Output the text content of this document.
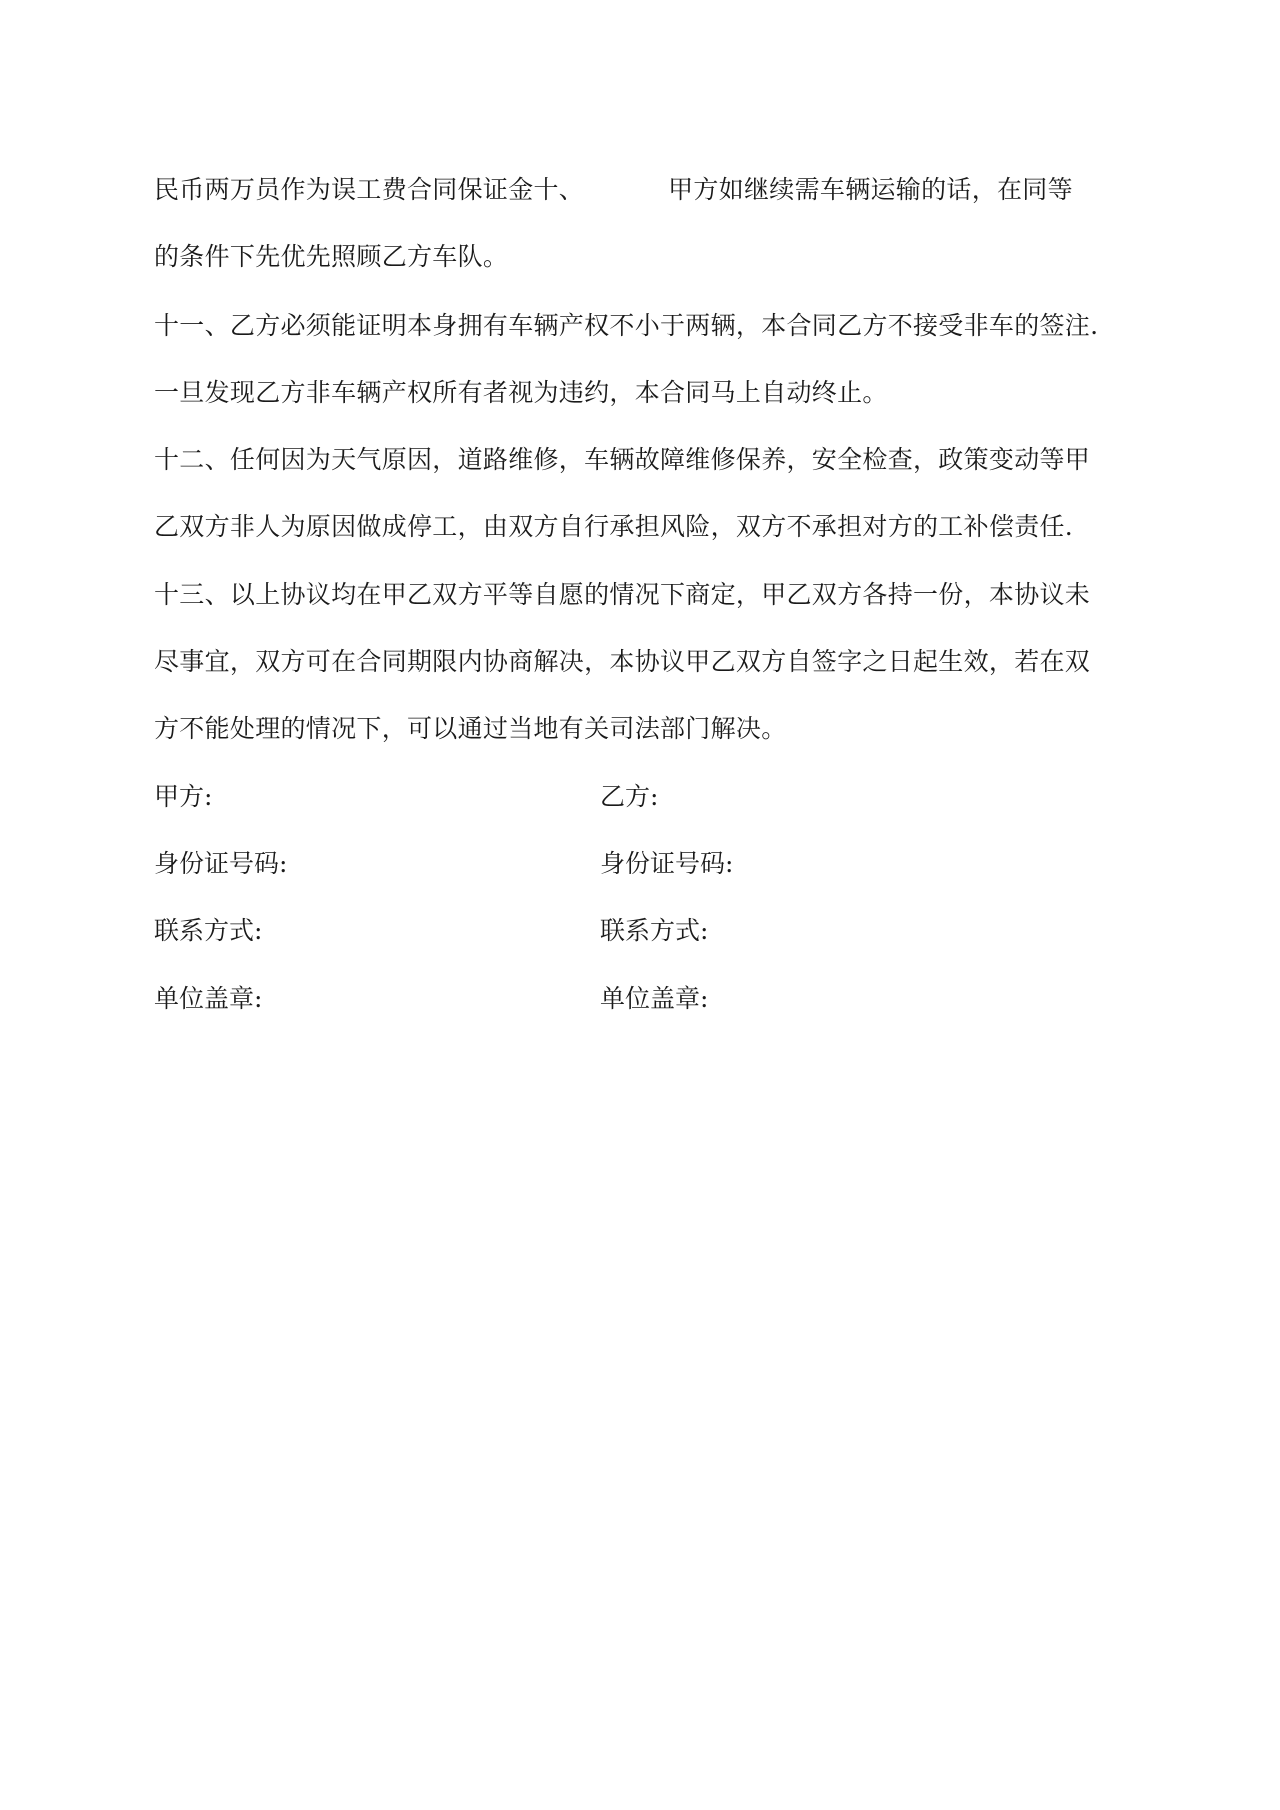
民币两万员作为误工费合同保证金十、	甲方如继续需车辆运输的话，在同等
的条件下先优先照顾乙方车队。
十一、乙方必须能证明本身拥有车辆产权不小于两辆，本合同乙方不接受非车的签注.
一旦发现乙方非车辆产权所有者视为违约，本合同马上自动终止。
十二、任何因为天气原因，道路维修，车辆故障维修保养，安全检查，政策变动等甲
乙双方非人为原因做成停工，由双方自行承担风险，双方不承担对方的工补偿责任.
十三、以上协议均在甲乙双方平等自愿的情况下商定，甲乙双方各持一份，本协议未
尽事宜，双方可在合同期限内协商解决，本协议甲乙双方自签字之日起生效，若在双
方不能处理的情况下，可以通过当地有关司法部门解决。
甲方:	乙方:
身份证号码:	身份证号码:
联系方式:	联系方式:
单位盖章:	单位盖章:
